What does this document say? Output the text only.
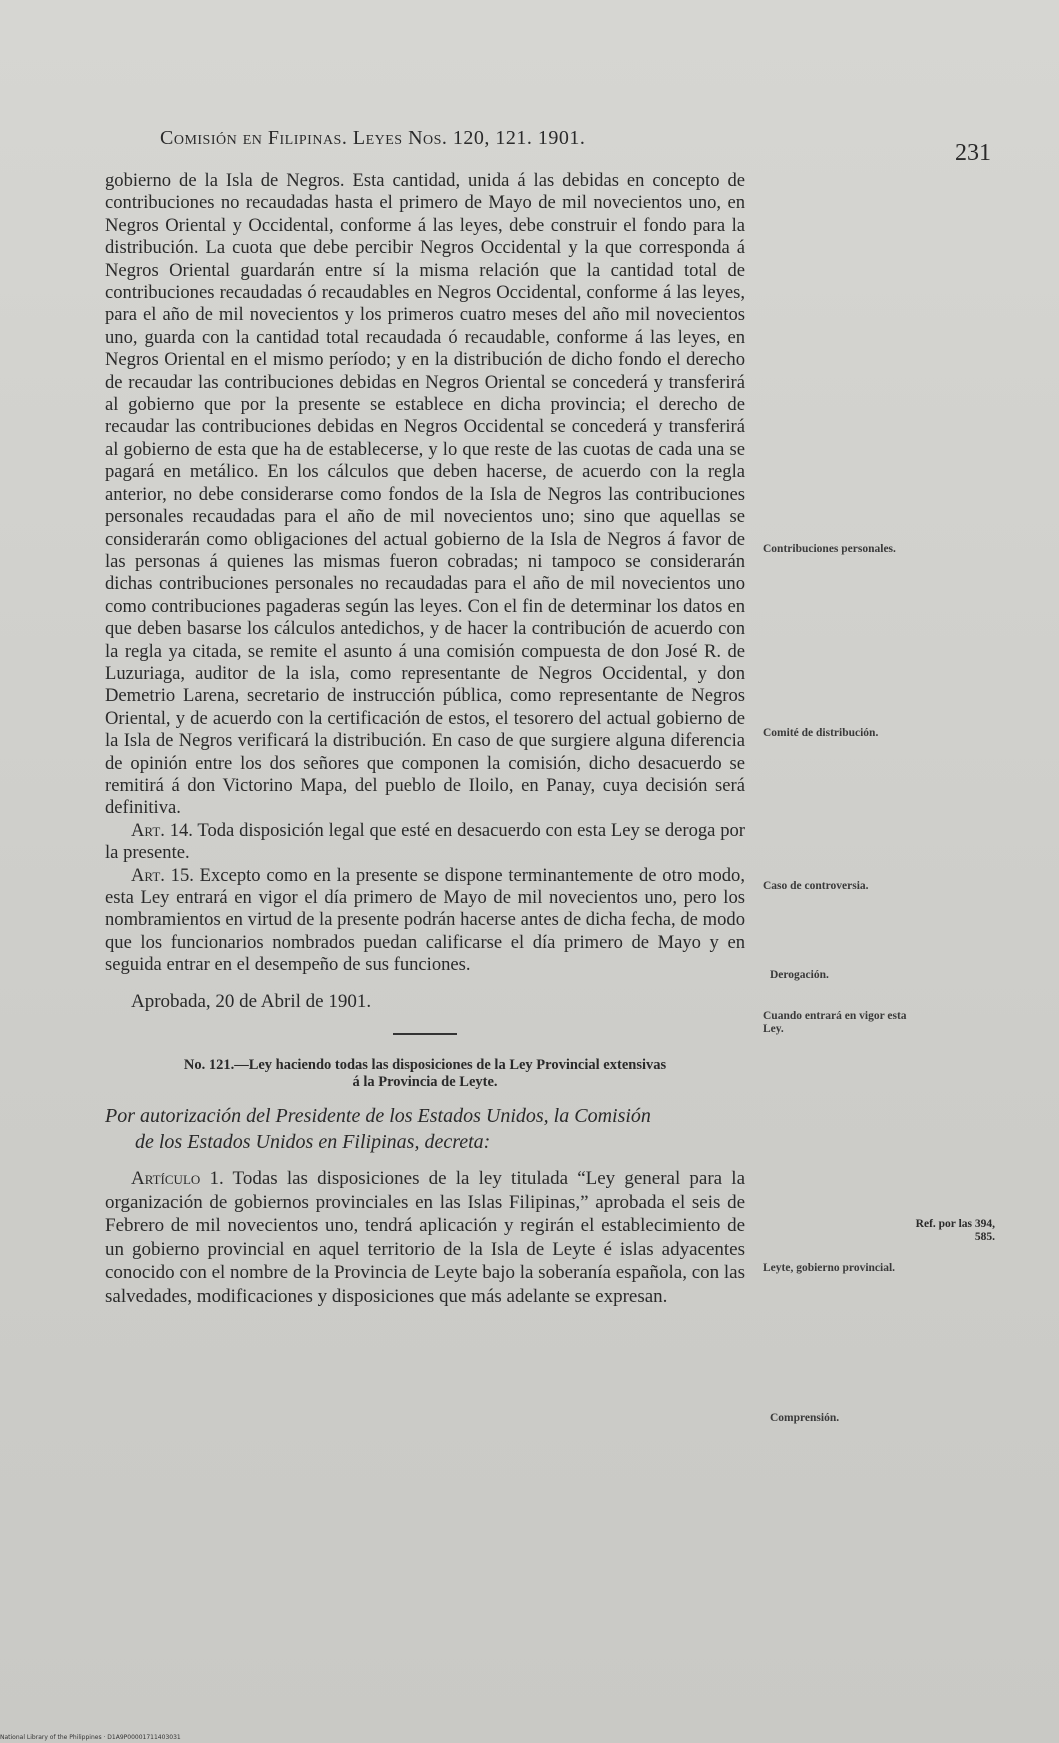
Comisión en Filipinas. Leyes Nos. 120, 121. 1901.
231

gobierno de la Isla de Negros. Esta cantidad, unida á las debidas en concepto de contribuciones no recaudadas hasta el primero de Mayo de mil novecientos uno, en Negros Oriental y Occidental, conforme á las leyes, debe construir el fondo para la distribución. La cuota que debe percibir Negros Occidental y la que corresponda á Negros Oriental guardarán entre sí la misma relación que la cantidad total de contribuciones recaudadas ó recaudables en Negros Occidental, conforme á las leyes, para el año de mil novecientos y los primeros cuatro meses del año mil novecientos uno, guarda con la cantidad total recaudada ó recaudable, conforme á las leyes, en Negros Oriental en el mismo período; y en la distribución de dicho fondo el derecho de recaudar las contribuciones debidas en Negros Oriental se concederá y transferirá al gobierno que por la presente se establece en dicha provincia; el derecho de recaudar las contribuciones debidas en Negros Occidental se concederá y transferirá al gobierno de esta que ha de establecerse, y lo que reste de las cuotas de cada una se pagará en metálico. En los cálculos que deben hacerse, de acuerdo con la regla anterior, no debe considerarse como fondos de la Isla de Negros las contribuciones personales recaudadas para el año de mil novecientos uno; sino que aquellas se considerarán como obligaciones del actual gobierno de la Isla de Negros á favor de las personas á quienes las mismas fueron cobradas; ni tampoco se considerarán dichas contribuciones personales no recaudadas para el año de mil novecientos uno como contribuciones pagaderas según las leyes. Con el fin de determinar los datos en que deben basarse los cálculos antedichos, y de hacer la contribución de acuerdo con la regla ya citada, se remite el asunto á una comisión compuesta de don José R. de Luzuriaga, auditor de la isla, como representante de Negros Occidental, y don Demetrio Larena, secretario de instrucción pública, como representante de Negros Oriental, y de acuerdo con la certificación de estos, el tesorero del actual gobierno de la Isla de Negros verificará la distribución. En caso de que surgiere alguna diferencia de opinión entre los dos señores que componen la comisión, dicho desacuerdo se remitirá á don Victorino Mapa, del pueblo de Iloilo, en Panay, cuya decisión será definitiva.

Art. 14. Toda disposición legal que esté en desacuerdo con esta Ley se deroga por la presente.

Art. 15. Excepto como en la presente se dispone terminantemente de otro modo, esta Ley entrará en vigor el día primero de Mayo de mil novecientos uno, pero los nombramientos en virtud de la presente podrán hacerse antes de dicha fecha, de modo que los funcionarios nombrados puedan calificarse el día primero de Mayo y en seguida entrar en el desempeño de sus funciones.

Aprobada, 20 de Abril de 1901.

No. 121.—Ley haciendo todas las disposiciones de la Ley Provincial extensivas

á la Provincia de Leyte.

Por autorización del Presidente de los Estados Unidos, la Comisión

de los Estados Unidos en Filipinas, decreta:

Artículo 1. Todas las disposiciones de la ley titulada “Ley general para la organización de gobiernos provinciales en las Islas Filipinas,” aprobada el seis de Febrero de mil novecientos uno, tendrá aplicación y regirán el establecimiento de un gobierno provincial en aquel territorio de la Isla de Leyte é islas adyacentes conocido con el nombre de la Provincia de Leyte bajo la soberanía española, con las salvedades, modificaciones y disposiciones que más adelante se expresan.

Contribuciones personales.
Comité de distribución.
Caso de controversia.
Derogación.
Cuando entrará en vigor esta Ley.
Leyte, gobierno provincial.
Comprensión.
Ref. por las 394, 585.
National Library of the Philippines · D1A9P00001711403031
